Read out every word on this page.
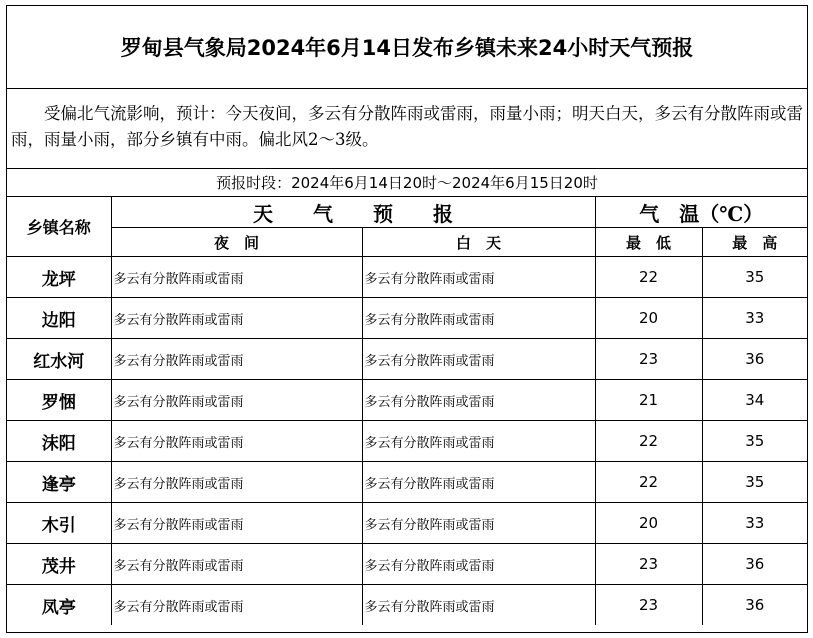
罗甸县气象局2024年6月14日发布乡镇未来24小时天气预报
受偏北气流影响，预计：今天夜间，多云有分散阵雨或雷雨，雨量小雨；明天白天，多云有分散阵雨或雷雨，雨量小雨，部分乡镇有中雨。偏北风2～3级。
预报时段：2024年6月14日20时～2024年6月15日20时
乡镇名称	天　　气　　预　　报		气　温（℃）	
	夜　间	白　天	最　低	最　高
龙坪	多云有分散阵雨或雷雨	多云有分散阵雨或雷雨	22	35
边阳	多云有分散阵雨或雷雨	多云有分散阵雨或雷雨	20	33
红水河	多云有分散阵雨或雷雨	多云有分散阵雨或雷雨	23	36
罗悃	多云有分散阵雨或雷雨	多云有分散阵雨或雷雨	21	34
沫阳	多云有分散阵雨或雷雨	多云有分散阵雨或雷雨	22	35
逢亭	多云有分散阵雨或雷雨	多云有分散阵雨或雷雨	22	35
木引	多云有分散阵雨或雷雨	多云有分散阵雨或雷雨	20	33
茂井	多云有分散阵雨或雷雨	多云有分散阵雨或雷雨	23	36
凤亭	多云有分散阵雨或雷雨	多云有分散阵雨或雷雨	23	36
